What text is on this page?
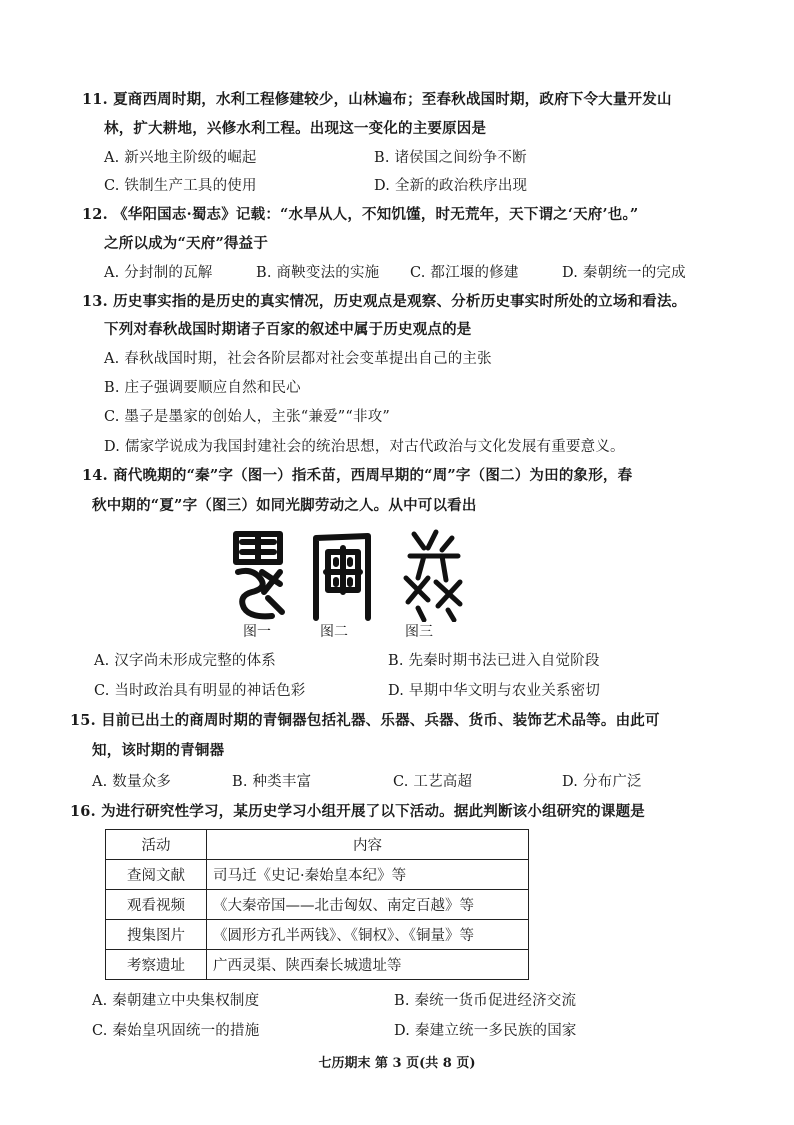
11. 夏商西周时期，水利工程修建较少，山林遍布；至春秋战国时期，政府下令大量开发山
林，扩大耕地，兴修水利工程。出现这一变化的主要原因是
A. 新兴地主阶级的崛起	B. 诸侯国之间纷争不断
C. 铁制生产工具的使用	D. 全新的政治秩序出现
12. 《华阳国志·蜀志》记载：“水旱从人，不知饥馑，时无荒年，天下谓之‘天府’也。”
之所以成为“天府”得益于
A. 分封制的瓦解	B. 商鞅变法的实施 C. 都江堰的修建	D. 秦朝统一的完成
13. 历史事实指的是历史的真实情况，历史观点是观察、分析历史事实时所处的立场和看法。
下列对春秋战国时期诸子百家的叙述中属于历史观点的是
A. 春秋战国时期，社会各阶层都对社会变革提出自己的主张
B. 庄子强调要顺应自然和民心
C. 墨子是墨家的创始人，主张“兼爱”“非攻”
D. 儒家学说成为我国封建社会的统治思想，对古代政治与文化发展有重要意义。
14. 商代晚期的“秦”字（图一）指禾苗，西周早期的“周”字（图二）为田的象形，春
秋中期的“夏”字（图三）如同光脚劳动之人。从中可以看出
图一	图二	图三
A. 汉字尚未形成完整的体系	B. 先秦时期书法已进入自觉阶段
C. 当时政治具有明显的神话色彩	D. 早期中华文明与农业关系密切
15. 目前已出土的商周时期的青铜器包括礼器、乐器、兵器、货币、装饰艺术品等。由此可
知，该时期的青铜器
A. 数量众多	B. 种类丰富	C. 工艺高超	D. 分布广泛
16. 为进行研究性学习，某历史学习小组开展了以下活动。据此判断该小组研究的课题是
活动	内容
查阅文献	司马迁《史记·秦始皇本纪》等
观看视频	《大秦帝国——北击匈奴、南定百越》等
搜集图片	《圆形方孔半两钱》、《铜权》、《铜量》等
考察遗址	广西灵渠、陕西秦长城遗址等
A. 秦朝建立中央集权制度	B. 秦统一货币促进经济交流
C. 秦始皇巩固统一的措施	D. 秦建立统一多民族的国家
七历期末 第 3 页(共 8 页)
